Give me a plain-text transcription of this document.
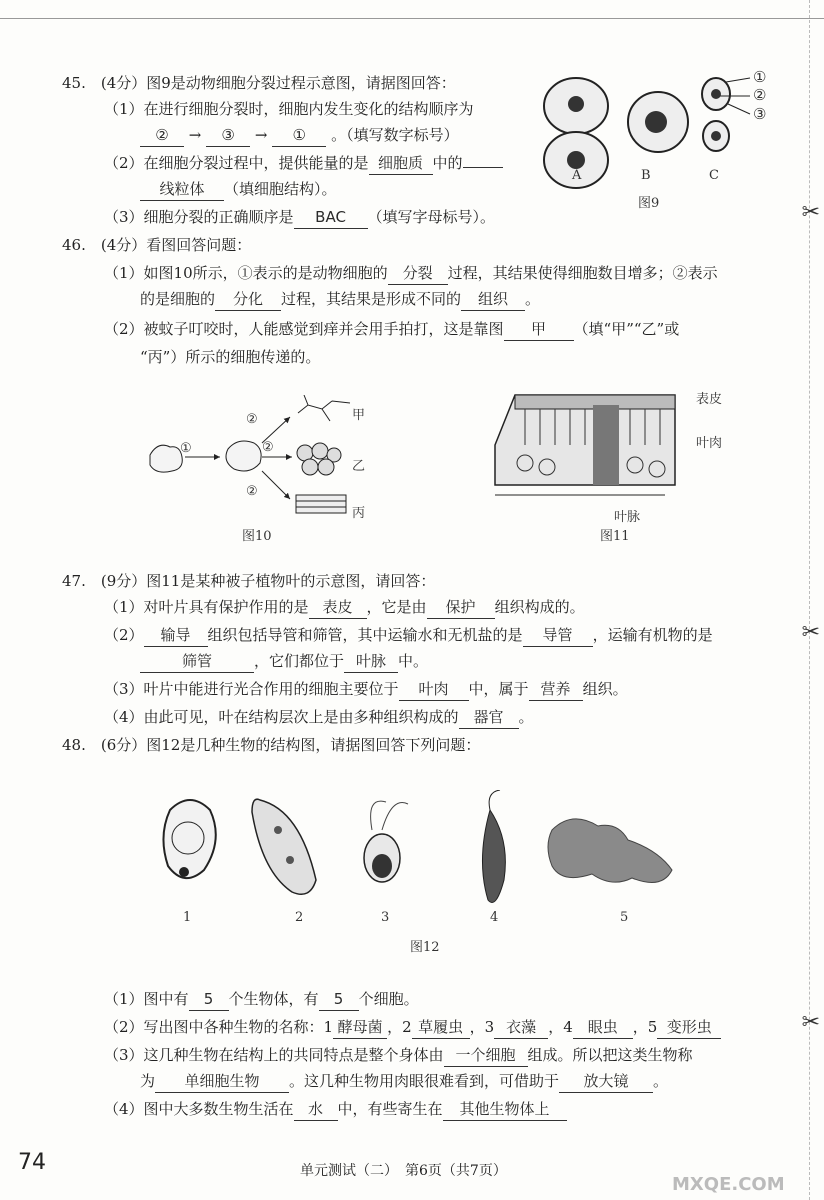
✂
✂
✂
45.　(4分）图9是动物细胞分裂过程示意图，请据图回答：
（1）在进行细胞分裂时，细胞内发生变化的结构顺序为
② → ③ → ① 。（填写数字标号）
（2）在细胞分裂过程中，提供能量的是 细胞质 中的
线粒体 （填细胞结构）。
（3）细胞分裂的正确顺序是 BAC （填写字母标号）。
①
②
③
A	B	C
图9
46.　(4分）看图回答问题：
（1）如图10所示，①表示的是动物细胞的 分裂 过程，其结果使得细胞数目增多；②表示
的是细胞的 分化 过程，其结果是形成不同的 组织 。
（2）被蚊子叮咬时，人能感觉到痒并会用手拍打，这是靠图 甲 （填“甲”“乙”或
“丙”）所示的细胞传递的。
①
②
②
②
甲
乙
丙
图10
表皮
叶肉
叶脉
图11
47.　(9分）图11是某种被子植物叶的示意图，请回答：
（1）对叶片具有保护作用的是 表皮 ，它是由 保护 组织构成的。
（2） 输导 组织包括导管和筛管，其中运输水和无机盐的是 导管 ，运输有机物的是
筛管	，它们都位于 叶脉 中。
（3）叶片中能进行光合作用的细胞主要位于 叶肉 中，属于 营养 组织。
（4）由此可见，叶在结构层次上是由多种组织构成的 器官 。
48.　(6分）图12是几种生物的结构图，请据图回答下列问题：
1	2	3	4	5
图12
（1）图中有 5 个生物体，有 5 个细胞。
（2）写出图中各种生物的名称：1 酵母菌 ，2 草履虫 ，3 衣藻 ，4 眼虫 ，5 变形虫
（3）这几种生物在结构上的共同特点是整个身体由 一个细胞 组成。所以把这类生物称
为 单细胞生物 。这几种生物用肉眼很难看到，可借助于 放大镜 。
（4）图中大多数生物生活在 水 中，有些寄生在 其他生物体上
74	单元测试（二）　第6页（共7页）
MXQE.COM
